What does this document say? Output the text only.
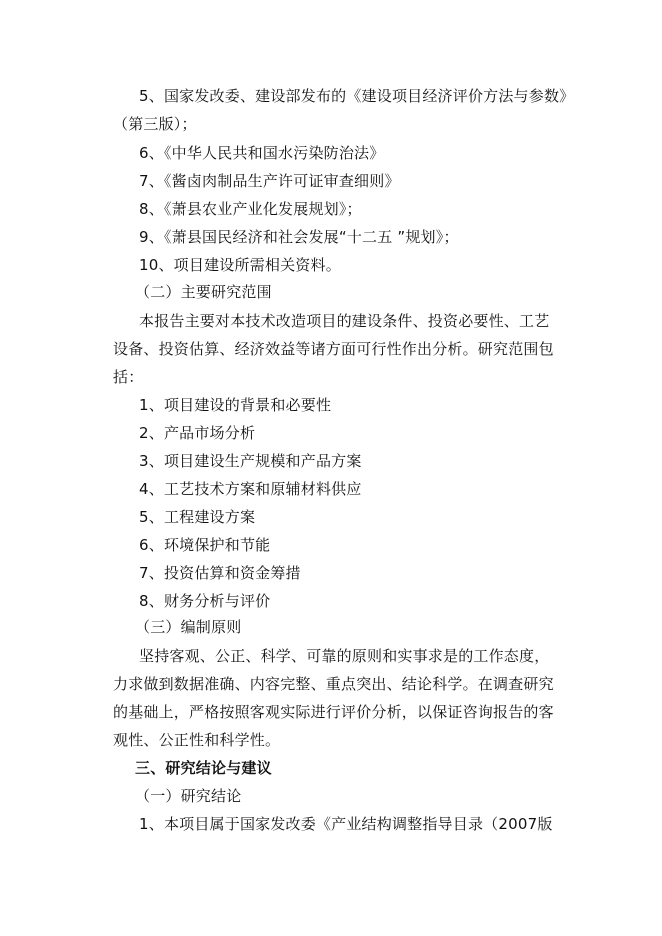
5、国家发改委、建设部发布的《建设项目经济评价方法与参数》
（第三版）；
6、《中华人民共和国水污染防治法》
7、《酱卤肉制品生产许可证审查细则》
8、《萧县农业产业化发展规划》；
9、《萧县国民经济和社会发展“十二五 ”规划》；
10、项目建设所需相关资料。
（二）主要研究范围
本报告主要对本技术改造项目的建设条件、投资必要性、工艺
设备、投资估算、经济效益等诸方面可行性作出分析。研究范围包
括：
1、项目建设的背景和必要性
2、产品市场分析
3、项目建设生产规模和产品方案
4、工艺技术方案和原辅材料供应
5、工程建设方案
6、环境保护和节能
7、投资估算和资金筹措
8、财务分析与评价
（三）编制原则
坚持客观、公正、科学、可靠的原则和实事求是的工作态度，
力求做到数据准确、内容完整、重点突出、结论科学。在调查研究
的基础上，严格按照客观实际进行评价分析，以保证咨询报告的客
观性、公正性和科学性。
三、研究结论与建议
（一）研究结论
1、本项目属于国家发改委《产业结构调整指导目录（2007版
